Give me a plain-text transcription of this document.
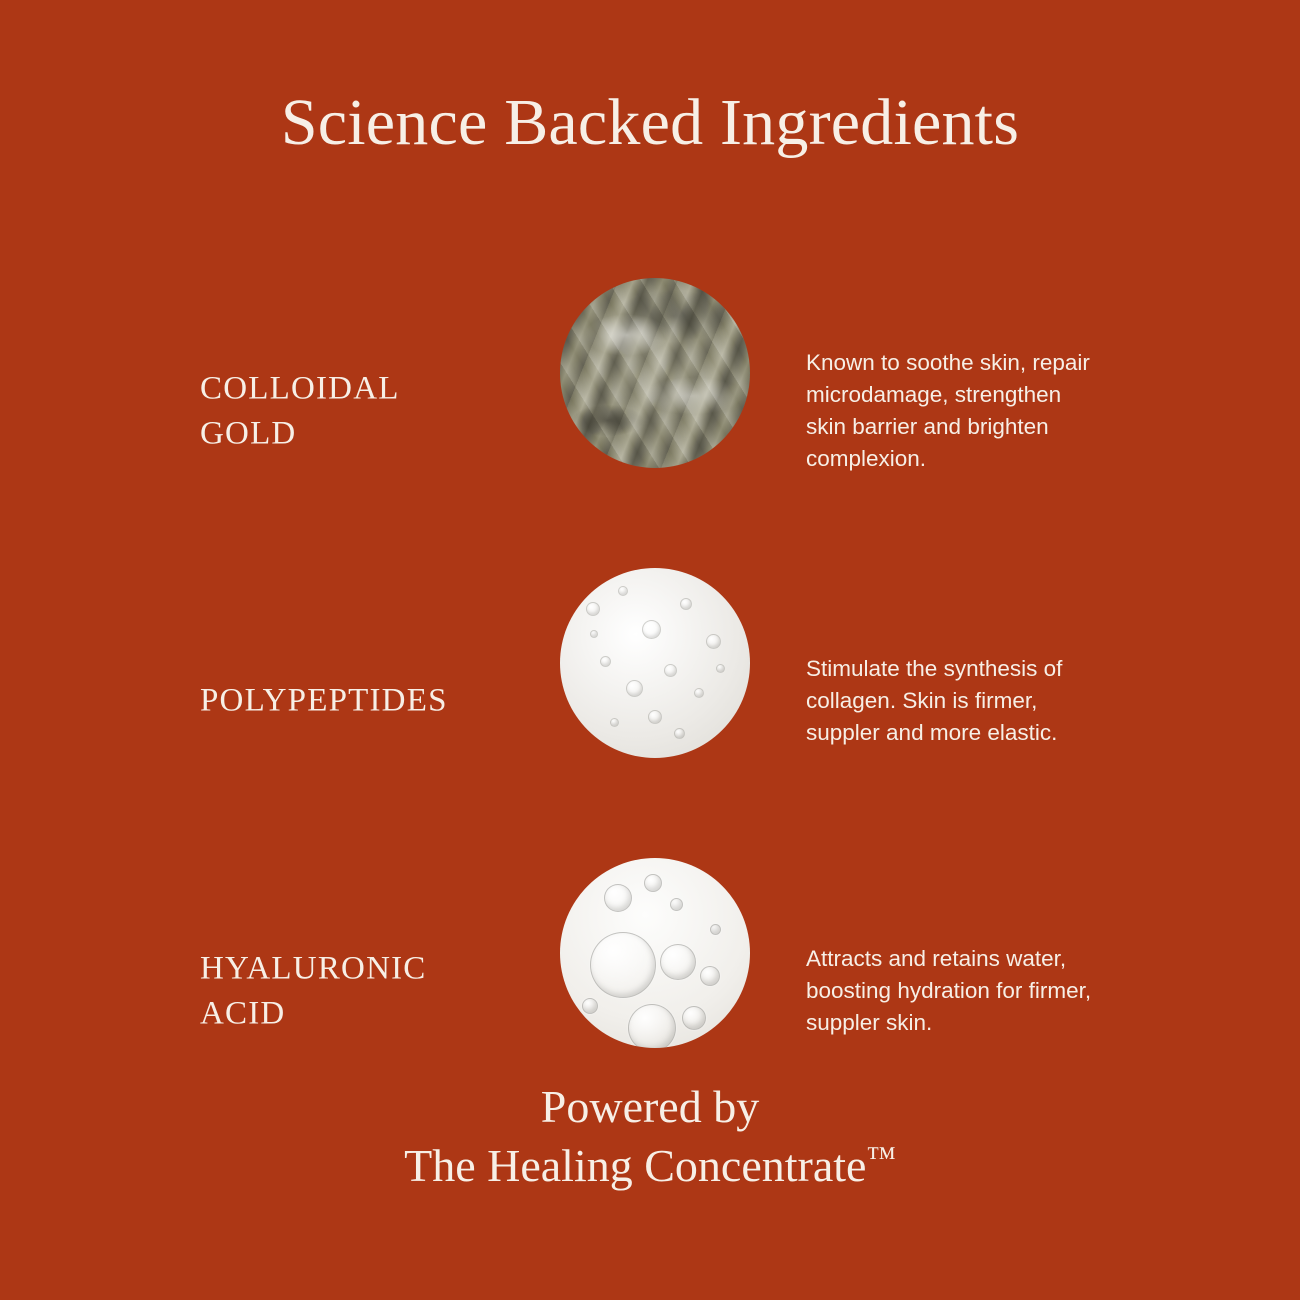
Science Backed Ingredients
COLLOIDAL
GOLD
Known to soothe skin, repair microdamage, strengthen skin barrier and brighten complexion.
POLYPEPTIDES
Stimulate the synthesis of collagen. Skin is firmer, suppler and more elastic.
HYALURONIC
ACID
Attracts and retains water, boosting hydration for firmer, suppler skin.
Powered by
The Healing Concentrate™
